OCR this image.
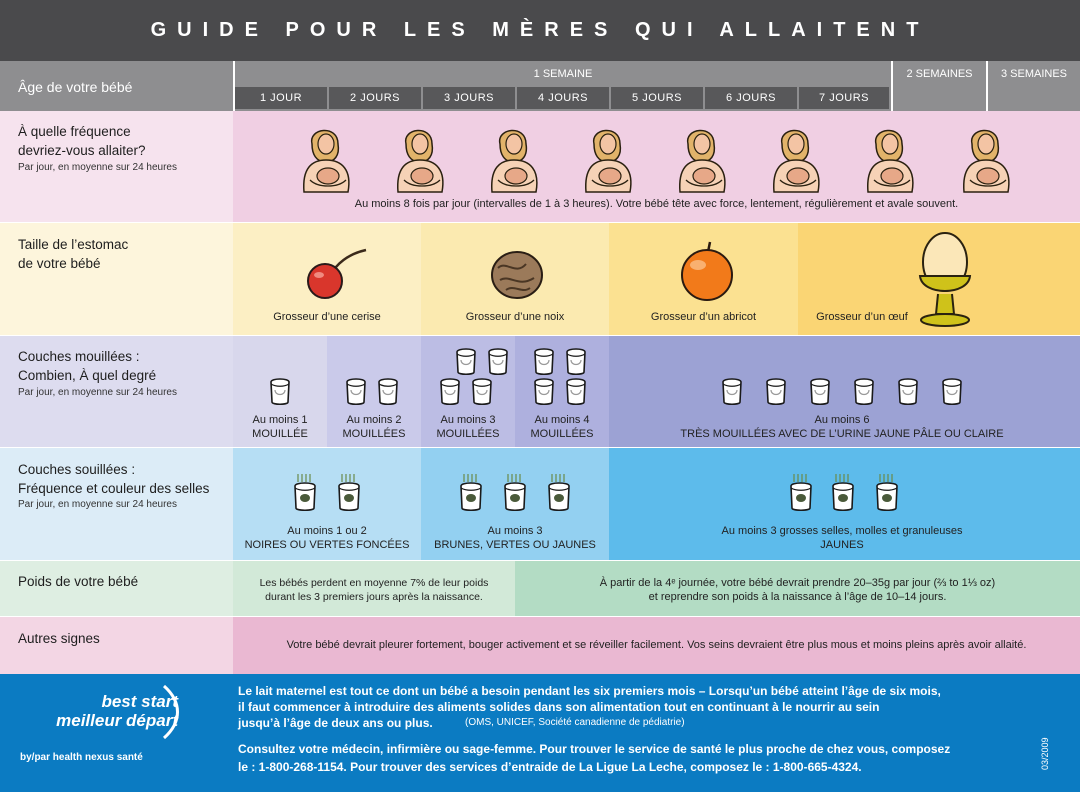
GUIDE POUR LES MÈRES QUI ALLAITENT
Âge de votre bébé
1 SEMAINE	2 SEMAINES	3 SEMAINES
1 JOUR	2 JOURS	3 JOURS	4 JOURS	5 JOURS	6 JOURS	7 JOURS
À quelle fréquence
devriez-vous allaiter?
Par jour, en moyenne sur 24 heures
Au moins 8 fois par jour (intervalles de 1 à 3 heures). Votre bébé tête avec force, lentement, régulièrement et avale souvent.
Taille de l’estomac
de votre bébé
Grosseur d’une cerise	Grosseur d’une noix	Grosseur d’un abricot	Grosseur d’un œuf
Couches mouillées :
Combien, À quel degré
Par jour, en moyenne sur 24 heures
Au moins 1
MOUILLÉE
Au moins 2
MOUILLÉES
Au moins 3
MOUILLÉES
Au moins 4
MOUILLÉES
Au moins 6
TRÈS MOUILLÉES AVEC DE L’URINE JAUNE PÂLE OU CLAIRE
Couches souillées :
Fréquence et couleur des selles
Par jour, en moyenne sur 24 heures
Au moins 1 ou 2
NOIRES OU VERTES FONCÉES
Au moins 3
BRUNES, VERTES OU JAUNES
Au moins 3 grosses selles, molles et granuleuses
JAUNES
Poids de votre bébé	Les bébés perdent en moyenne 7% de leur poids
durant les 3 premiers jours après la naissance.
À partir de la 4ᵉ journée, votre bébé devrait prendre 20–35g par jour (⅔ to 1⅓ oz)
et reprendre son poids à la naissance à l’âge de 10–14 jours.
Autres signes	Votre bébé devrait pleurer fortement, bouger activement et se réveiller facilement. Vos seins devraient être plus mous et moins pleins après avoir allaité.
best start
meilleur départ
by/par health nexus santé
Le lait maternel est tout ce dont un bébé a besoin pendant les six premiers mois – Lorsqu’un bébé atteint l’âge de six mois,
il faut commencer à introduire des aliments solides dans son alimentation tout en continuant à le nourrir au sein
jusqu’à l’âge de deux ans ou plus.	(OMS, UNICEF, Société canadienne de pédiatrie)
Consultez votre médecin, infirmière ou sage-femme. Pour trouver le service de santé le plus proche de chez vous, composez
le : 1-800-268-1154. Pour trouver des services d’entraide de La Ligue La Leche, composez le : 1-800-665-4324.	03/2009
